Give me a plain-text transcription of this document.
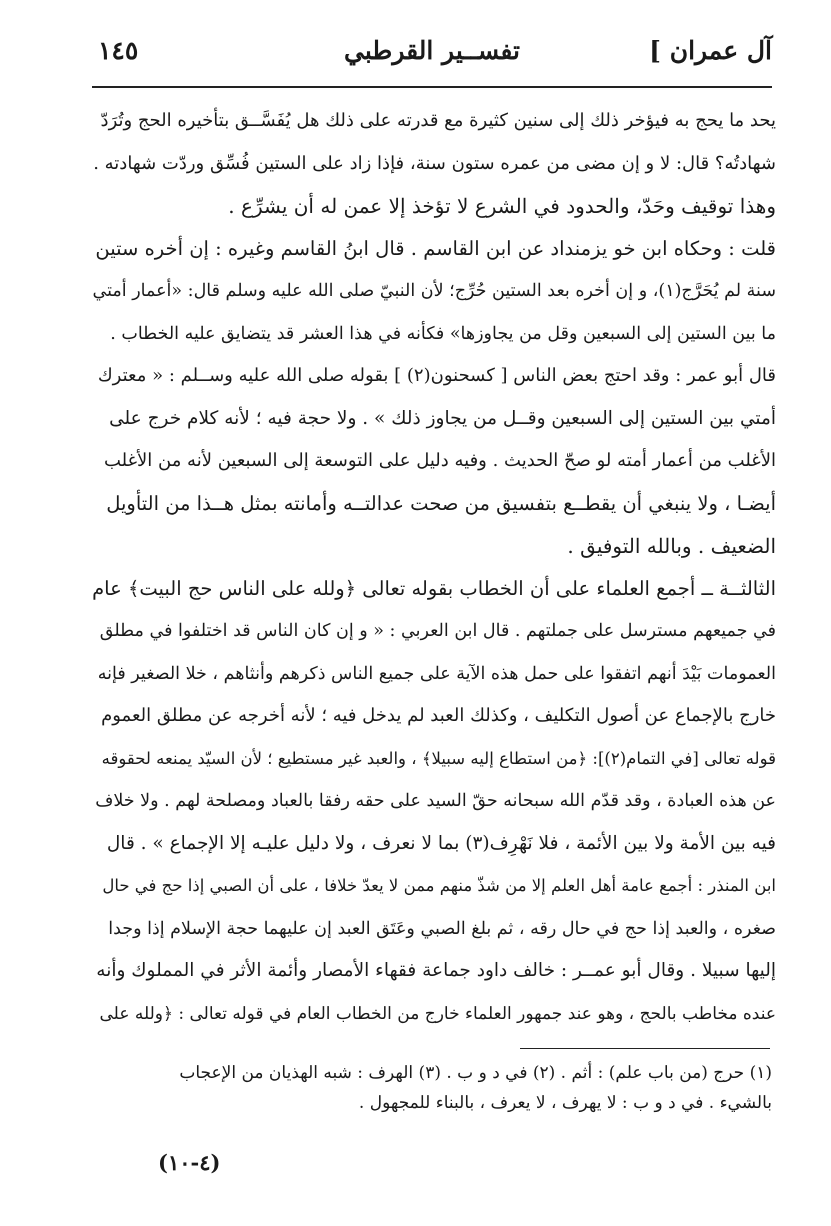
آل عمران ]
تفســير القرطبي
١٤٥
يحد ما يحج به فيؤخر ذلك إلى سنين كثيرة مع قدرته على ذلك هل يُفَسَّــق بتأخيره الحج وتُرَدّ
شهادتُه؟ قال: لا و إن مضى من عمره ستون سنة، فإذا زاد على الستين فُسِّق وردّت شهادته .
وهذا توقيف وحَدّ، والحدود في الشرع لا تؤخذ إلا عمن له أن يشرِّع .
قلت : وحكاه ابن خو يزمنداد عن ابن القاسم . قال ابنُ القاسم وغيره : إن أخره ستين
سنة لم يُحَرَّج(١)، و إن أخره بعد الستين حُرِّج؛ لأن النبيّ صلى الله عليه وسلم قال: «أعمار أمتي
ما بين الستين إلى السبعين وقل من يجاوزها» فكأنه في هذا العشر قد يتضايق عليه الخطاب .
قال أبو عمر : وقد احتج بعض الناس [ كسحنون(٢) ] بقوله صلى الله عليه وســلم : « معترك
أمتي بين الستين إلى السبعين وقــل من يجاوز ذلك » . ولا حجة فيه ؛ لأنه كلام خرج على
الأغلب من أعمار أمته لو صحّ الحديث . وفيه دليل على التوسعة إلى السبعين لأنه من الأغلب
أيضـا ، ولا ينبغي أن يقطــع بتفسيق من صحت عدالتــه وأمانته بمثل هــذا من التأويل
الضعيف . وبالله التوفيق .
الثالثــة ــ أجمع العلماء على أن الخطاب بقوله تعالى ﴿ولله على الناس حج البيت﴾ عام
في جميعهم مسترسل على جملتهم . قال ابن العربي : « و إن كان الناس قد اختلفوا في مطلق
العمومات بَيْدَ أنهم اتفقوا على حمل هذه الآية على جميع الناس ذكرهم وأنثاهم ، خلا الصغير فإنه
خارج بالإجماع عن أصول التكليف ، وكذلك العبد لم يدخل فيه ؛ لأنه أخرجه عن مطلق العموم
قوله تعالى [في التمام(٢)]: ﴿من استطاع إليه سبيلا﴾ ، والعبد غير مستطيع ؛ لأن السيّد يمنعه لحقوقه
عن هذه العبادة ، وقد قدّم الله سبحانه حقّ السيد على حقه رفقا بالعباد ومصلحة لهم . ولا خلاف
فيه بين الأمة ولا بين الأئمة ، فلا نَهْرِف(٣) بما لا نعرف ، ولا دليل عليـه إلا الإجماع » . قال
ابن المنذر : أجمع عامة أهل العلم إلا من شذّ منهم ممن لا يعدّ خلافا ، على أن الصبي إذا حج في حال
صغره ، والعبد إذا حج في حال رقه ، ثم بلغ الصبي وعَتَق العبد إن عليهما حجة الإسلام إذا وجدا
إليها سبيلا . وقال أبو عمــر : خالف داود جماعة فقهاء الأمصار وأئمة الأثر في المملوك وأنه
عنده مخاطب بالحج ، وهو عند جمهور العلماء خارج من الخطاب العام في قوله تعالى : ﴿ولله على
(١) حرج (من باب علم) : أثم . (٢) في د و ب . (٣) الهرف : شبه الهذيان من الإعجاب
بالشيء . في د و ب : لا يهرف ، لا يعرف ، بالبناء للمجهول .
(٤-١٠)
